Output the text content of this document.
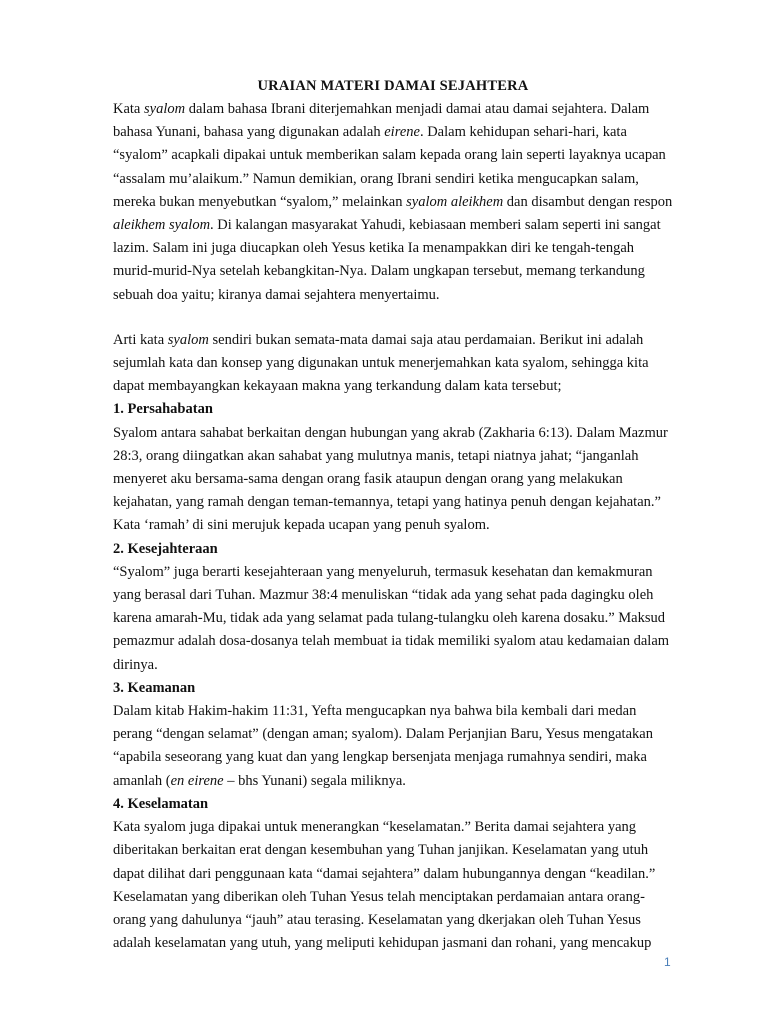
URAIAN MATERI DAMAI SEJAHTERA

Kata syalom dalam bahasa Ibrani diterjemahkan menjadi damai atau damai sejahtera. Dalam bahasa Yunani, bahasa yang digunakan adalah eirene. Dalam kehidupan sehari-hari, kata “syalom” acapkali dipakai untuk memberikan salam kepada orang lain seperti layaknya ucapan “assalam mu’alaikum.” Namun demikian, orang Ibrani sendiri ketika mengucapkan salam, mereka bukan menyebutkan “syalom,” melainkan syalom aleikhem dan disambut dengan respon aleikhem syalom. Di kalangan masyarakat Yahudi, kebiasaan memberi salam seperti ini sangat lazim. Salam ini juga diucapkan oleh Yesus ketika Ia menampakkan diri ke tengah-tengah murid-murid-Nya setelah kebangkitan-Nya. Dalam ungkapan tersebut, memang terkandung sebuah doa yaitu; kiranya damai sejahtera menyertaimu.

Arti kata syalom sendiri bukan semata-mata damai saja atau perdamaian. Berikut ini adalah sejumlah kata dan konsep yang digunakan untuk menerjemahkan kata syalom, sehingga kita dapat membayangkan kekayaan makna yang terkandung dalam kata tersebut;

1. Persahabatan

Syalom antara sahabat berkaitan dengan hubungan yang akrab (Zakharia 6:13). Dalam Mazmur 28:3, orang diingatkan akan sahabat yang mulutnya manis, tetapi niatnya jahat; “janganlah menyeret aku bersama-sama dengan orang fasik ataupun dengan orang yang melakukan kejahatan, yang ramah dengan teman-temannya, tetapi yang hatinya penuh dengan kejahatan.” Kata ‘ramah’ di sini merujuk kepada ucapan yang penuh syalom.

2. Kesejahteraan

“Syalom” juga berarti kesejahteraan yang menyeluruh, termasuk kesehatan dan kemakmuran yang berasal dari Tuhan. Mazmur 38:4 menuliskan “tidak ada yang sehat pada dagingku oleh karena amarah-Mu, tidak ada yang selamat pada tulang-tulangku oleh karena dosaku.” Maksud pemazmur adalah dosa-dosanya telah membuat ia tidak memiliki syalom atau kedamaian dalam dirinya.

3. Keamanan

Dalam kitab Hakim-hakim 11:31, Yefta mengucapkan nya bahwa bila kembali dari medan perang “dengan selamat” (dengan aman; syalom). Dalam Perjanjian Baru, Yesus mengatakan “apabila seseorang yang kuat dan yang lengkap bersenjata menjaga rumahnya sendiri, maka amanlah (en eirene – bhs Yunani) segala miliknya.

4. Keselamatan

Kata syalom juga dipakai untuk menerangkan “keselamatan.” Berita damai sejahtera yang diberitakan berkaitan erat dengan kesembuhan yang Tuhan janjikan. Keselamatan yang utuh dapat dilihat dari penggunaan kata “damai sejahtera” dalam hubungannya dengan “keadilan.” Keselamatan yang diberikan oleh Tuhan Yesus telah menciptakan perdamaian antara orang-orang yang dahulunya “jauh” atau terasing. Keselamatan yang dkerjakan oleh Tuhan Yesus adalah keselamatan yang utuh, yang meliputi kehidupan jasmani dan rohani, yang mencakup

1
